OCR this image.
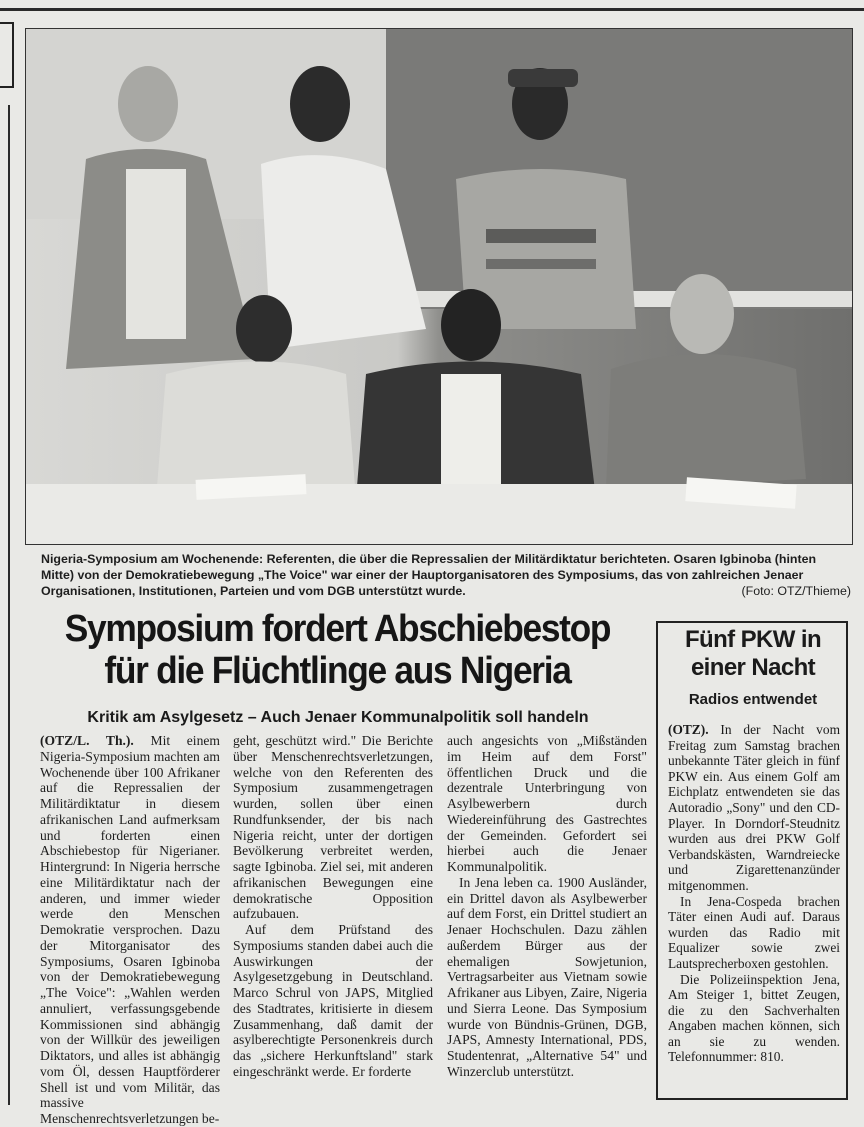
Nigeria-Symposium am Wochenende: Referenten, die über die Repressalien der Militärdiktatur berichteten. Osaren Igbinoba (hinten Mitte) von der Demokratiebewegung „The Voice" war einer der Hauptorganisatoren des Symposiums, das von zahlreichen Jenaer Organisationen, Institutionen, Parteien und vom DGB unterstützt wurde.	(Foto: OTZ/Thieme)
Symposium fordert Abschiebestop
für die Flüchtlinge aus Nigeria
Kritik am Asylgesetz – Auch Jenaer Kommunalpolitik soll handeln

(OTZ/L. Th.). Mit einem Nigeria-Symposium machten am Wochenende über 100 Afrikaner auf die Repressalien der Militärdiktatur in diesem afrikanischen Land aufmerksam und forderten einen Abschiebestop für Nigerianer. Hintergrund: In Nigeria herrsche eine Militärdiktatur nach der anderen, und immer wieder werde den Menschen Demokratie versprochen. Dazu der Mitorganisator des Symposiums, Osaren Igbinoba von der Demokratiebewegung „The Voice": „Wahlen werden annuliert, verfassungsgebende Kommissionen sind abhängig von der Willkür des jeweiligen Diktators, und alles ist abhängig vom Öl, dessen Hauptförderer Shell ist und vom Militär, das massive Menschenrechtsverletzungen be-

geht, geschützt wird." Die Berichte über Menschenrechtsverletzungen, welche von den Referenten des Symposium zusammengetragen wurden, sollen über einen Rundfunksender, der bis nach Nigeria reicht, unter der dortigen Bevölkerung verbreitet werden, sagte Igbinoba. Ziel sei, mit anderen afrikanischen Bewegungen eine demokratische Opposition aufzubauen.

Auf dem Prüfstand des Symposiums standen dabei auch die Auswirkungen der Asylgesetzgebung in Deutschland. Marco Schrul von JAPS, Mitglied des Stadtrates, kritisierte in diesem Zusammenhang, daß damit der asylberechtigte Personenkreis durch das „sichere Herkunftsland" stark eingeschränkt werde. Er forderte

auch angesichts von „Mißständen im Heim auf dem Forst" öffentlichen Druck und die dezentrale Unterbringung von Asylbewerbern durch Wiedereinführung des Gastrechtes der Gemeinden. Gefordert sei hierbei auch die Jenaer Kommunalpolitik.

In Jena leben ca. 1900 Ausländer, ein Drittel davon als Asylbewerber auf dem Forst, ein Drittel studiert an Jenaer Hochschulen. Dazu zählen außerdem Bürger aus der ehemaligen Sowjetunion, Vertragsarbeiter aus Vietnam sowie Afrikaner aus Libyen, Zaire, Nigeria und Sierra Leone. Das Symposium wurde von Bündnis-Grünen, DGB, JAPS, Amnesty International, PDS, Studentenrat, „Alternative 54" und Winzerclub unterstützt.

Fünf PKW in
einer Nacht
Radios entwendet

(OTZ). In der Nacht vom Freitag zum Samstag brachen unbekannte Täter gleich in fünf PKW ein. Aus einem Golf am Eichplatz entwendeten sie das Autoradio „Sony" und den CD-Player. In Dorndorf-Steudnitz wurden aus drei PKW Golf Verbandskästen, Warndreiecke und Zigarettenanzünder mitgenommen.

In Jena-Cospeda brachen Täter einen Audi auf. Daraus wurden das Radio mit Equalizer sowie zwei Lautsprecherboxen gestohlen.

Die Polizeiinspektion Jena, Am Steiger 1, bittet Zeugen, die zu den Sachverhalten Angaben machen können, sich an sie zu wenden. Telefonnummer: 810.
